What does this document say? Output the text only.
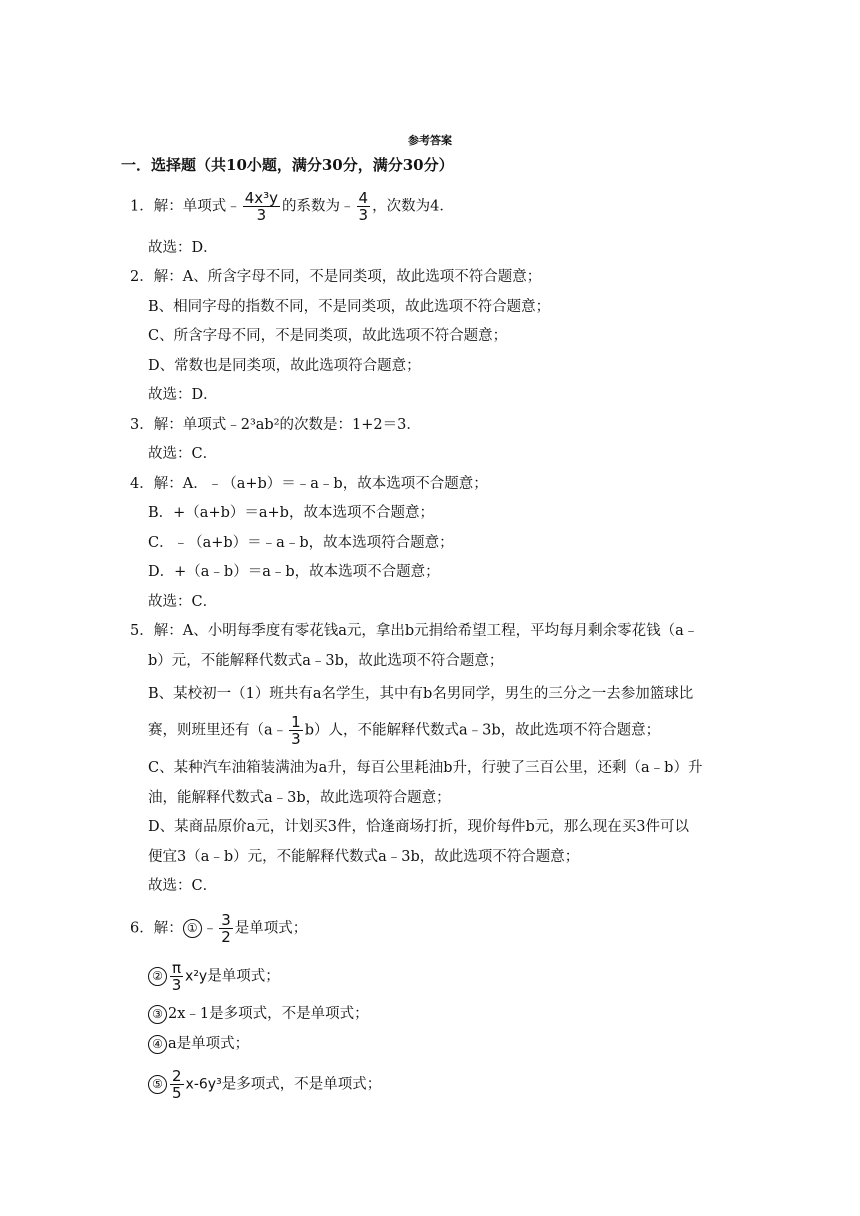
参考答案
一．选择题（共10小题，满分30分，满分30分）
1．解：单项式﹣ $\frac{\text{4x³y}}{3}$ 的系数为﹣ $\frac{4}{3}$ ，次数为4．
故选：D．
2．解：A、所含字母不同，不是同类项，故此选项不符合题意；
B、相同字母的指数不同，不是同类项，故此选项不符合题意；
C、所含字母不同，不是同类项，故此选项不符合题意；
D、常数也是同类项，故此选项符合题意；
故选：D．
3．解：单项式﹣2³ab²的次数是：1+2＝3．
故选：C．
4．解：A．﹣（a+b）＝﹣a﹣b，故本选项不合题意；
B．+（a+b）＝a+b，故本选项不合题意；
C．﹣（a+b）＝﹣a﹣b，故本选项符合题意；
D．+（a﹣b）＝a﹣b，故本选项不合题意；
故选：C．
5．解：A、小明每季度有零花钱a元，拿出b元捐给希望工程，平均每月剩余零花钱（a﹣
b）元，不能解释代数式a﹣3b，故此选项不符合题意；
B、某校初一（1）班共有a名学生，其中有b名男同学，男生的三分之一去参加篮球比
赛，则班里还有（a﹣ $\frac{1}{3} b$）人，不能解释代数式a﹣3b，故此选项不符合题意；
C、某种汽车油箱装满油为a升，每百公里耗油b升，行驶了三百公里，还剩（a﹣b）升
油，能解释代数式a﹣3b，故此选项符合题意；
D、某商品原价a元，计划买3件，恰逢商场打折，现价每件b元，那么现在买3件可以
便宜3（a﹣b）元，不能解释代数式a﹣3b，故此选项不符合题意；
故选：C．
6．解： ① ﹣ $\frac{3}{2}$ 是单项式；
② $\frac{\pi}{3} x^2y$是单项式；
③ 2x﹣1是多项式，不是单项式；
④ a是单项式；
⑤ $\frac{2}{5} x-6y^3$是多项式，不是单项式；
